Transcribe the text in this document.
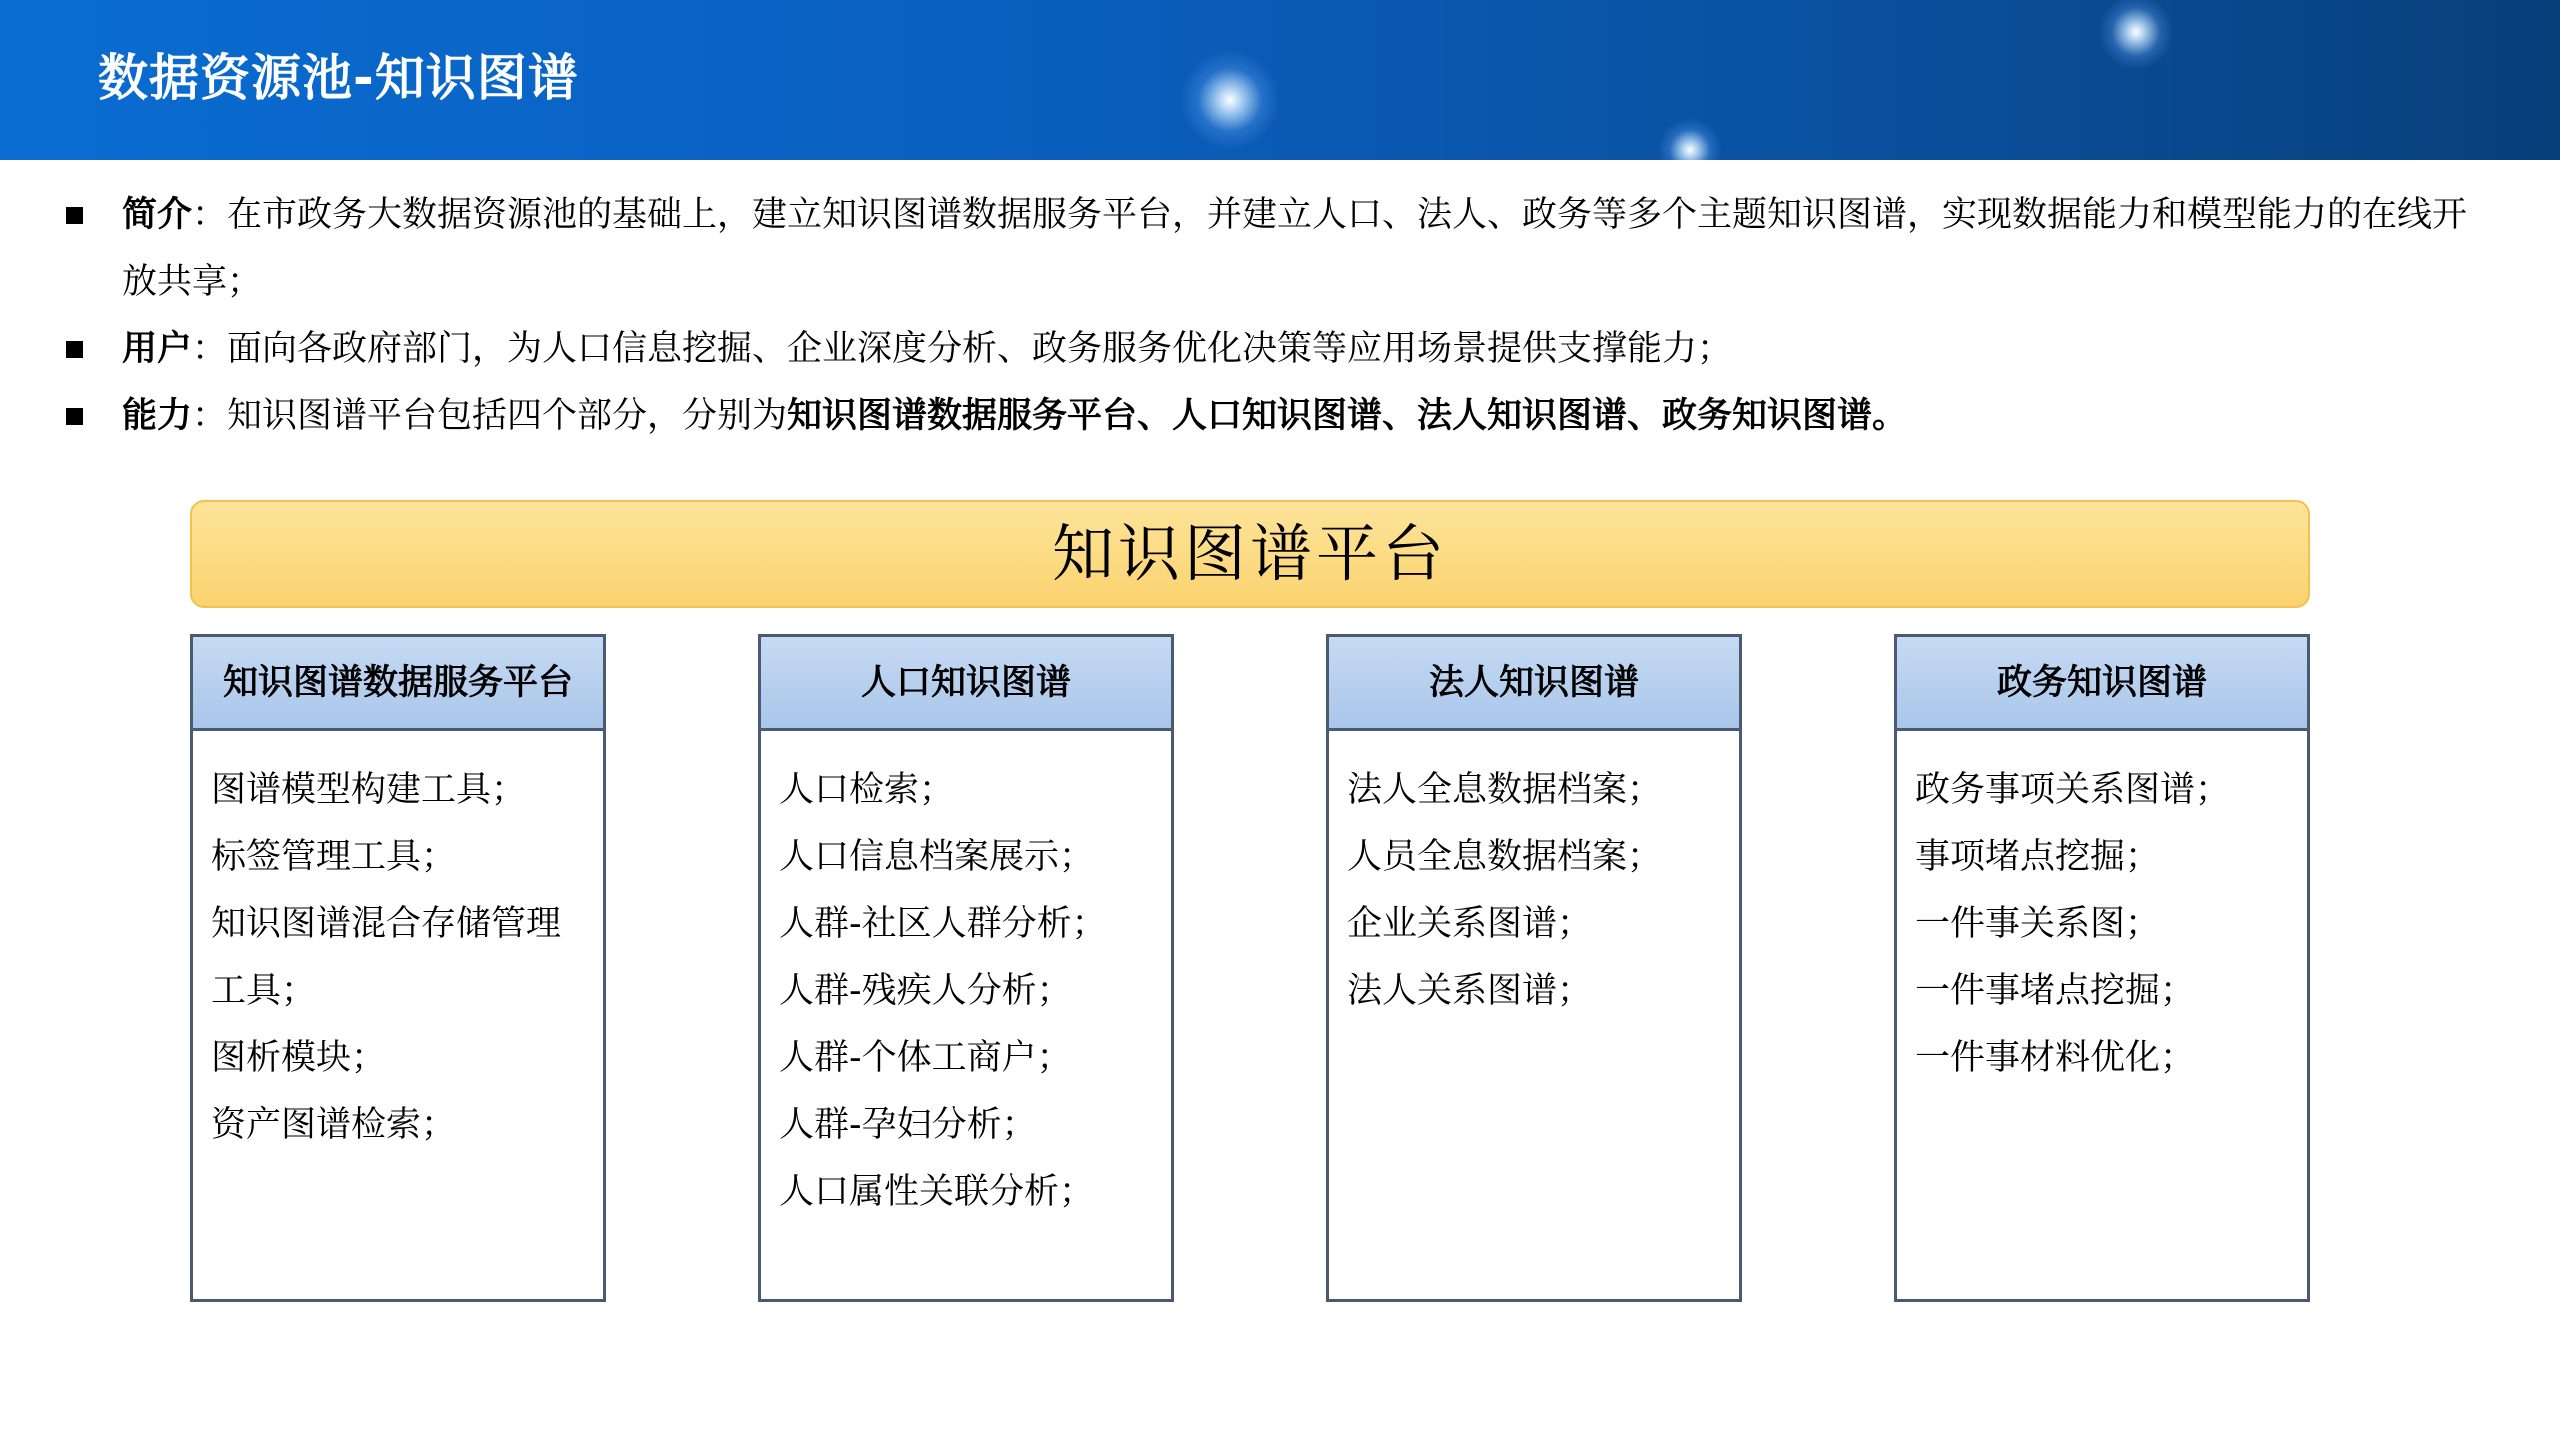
数据资源池-知识图谱
简介：在市政务大数据资源池的基础上，建立知识图谱数据服务平台，并建立人口、法人、政务等多个主题知识图谱，实现数据能力和模型能力的在线开放共享；
用户：面向各政府部门，为人口信息挖掘、企业深度分析、政务服务优化决策等应用场景提供支撑能力；
能力：知识图谱平台包括四个部分，分别为知识图谱数据服务平台、人口知识图谱、法人知识图谱、政务知识图谱。
知识图谱平台
知识图谱数据服务平台
图谱模型构建工具；
标签管理工具；
知识图谱混合存储管理工具；
图析模块；
资产图谱检索；
人口知识图谱
人口检索；
人口信息档案展示；
人群-社区人群分析；
人群-残疾人分析；
人群-个体工商户；
人群-孕妇分析；
人口属性关联分析；
法人知识图谱
法人全息数据档案；
人员全息数据档案；
企业关系图谱；
法人关系图谱；
政务知识图谱
政务事项关系图谱；
事项堵点挖掘；
一件事关系图；
一件事堵点挖掘；
一件事材料优化；
